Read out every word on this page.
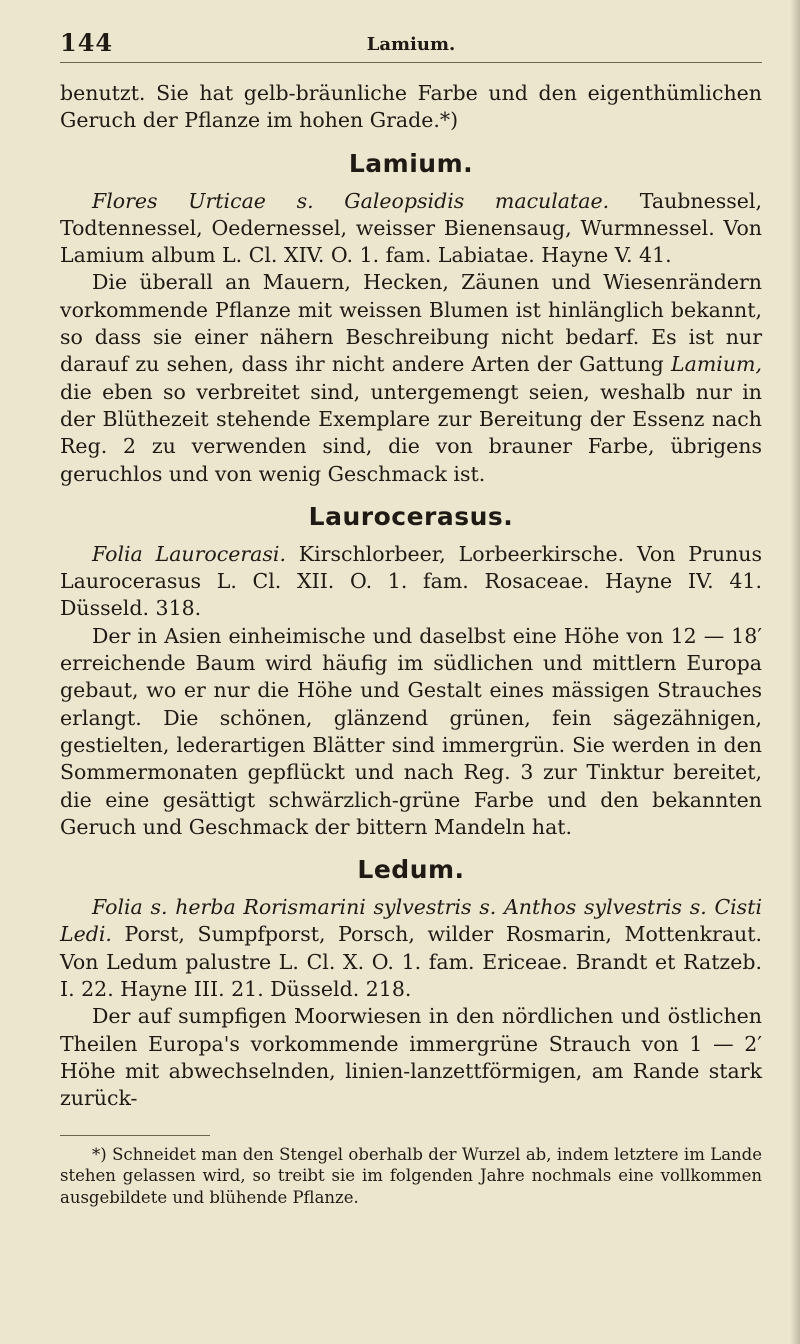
144	Lamium.

benutzt. Sie hat gelb-bräunliche Farbe und den eigenthümlichen Geruch der Pflanze im hohen Grade.*)

Lamium.

Flores Urticae s. Galeopsidis maculatae. Taubnessel, Todtennessel, Oedernessel, weisser Bienensaug, Wurmnessel. Von Lamium album L. Cl. XIV. O. 1. fam. Labiatae. Hayne V. 41.

Die überall an Mauern, Hecken, Zäunen und Wiesenrändern vorkommende Pflanze mit weissen Blumen ist hinlänglich bekannt, so dass sie einer nähern Beschreibung nicht bedarf. Es ist nur darauf zu sehen, dass ihr nicht andere Arten der Gattung Lamium, die eben so verbreitet sind, untergemengt seien, weshalb nur in der Blüthezeit stehende Exemplare zur Bereitung der Essenz nach Reg. 2 zu verwenden sind, die von brauner Farbe, übrigens geruchlos und von wenig Geschmack ist.

Laurocerasus.

Folia Laurocerasi. Kirschlorbeer, Lorbeerkirsche. Von Prunus Laurocerasus L. Cl. XII. O. 1. fam. Rosaceae. Hayne IV. 41. Düsseld. 318.

Der in Asien einheimische und daselbst eine Höhe von 12 — 18′ erreichende Baum wird häufig im südlichen und mittlern Europa gebaut, wo er nur die Höhe und Gestalt eines mässigen Strauches erlangt. Die schönen, glänzend grünen, fein sägezähnigen, gestielten, lederartigen Blätter sind immergrün. Sie werden in den Sommermonaten gepflückt und nach Reg. 3 zur Tinktur bereitet, die eine gesättigt schwärzlich-grüne Farbe und den bekannten Geruch und Geschmack der bittern Mandeln hat.

Ledum.

Folia s. herba Rorismarini sylvestris s. Anthos sylvestris s. Cisti Ledi. Porst, Sumpfporst, Porsch, wilder Rosmarin, Mottenkraut. Von Ledum palustre L. Cl. X. O. 1. fam. Ericeae. Brandt et Ratzeb. I. 22. Hayne III. 21. Düsseld. 218.

Der auf sumpfigen Moorwiesen in den nördlichen und östlichen Theilen Europa's vorkommende immergrüne Strauch von 1 — 2′ Höhe mit abwechselnden, linien-lanzettförmigen, am Rande stark zurück-

*) Schneidet man den Stengel oberhalb der Wurzel ab, indem letztere im Lande stehen gelassen wird, so treibt sie im folgenden Jahre nochmals eine vollkommen ausgebildete und blühende Pflanze.
